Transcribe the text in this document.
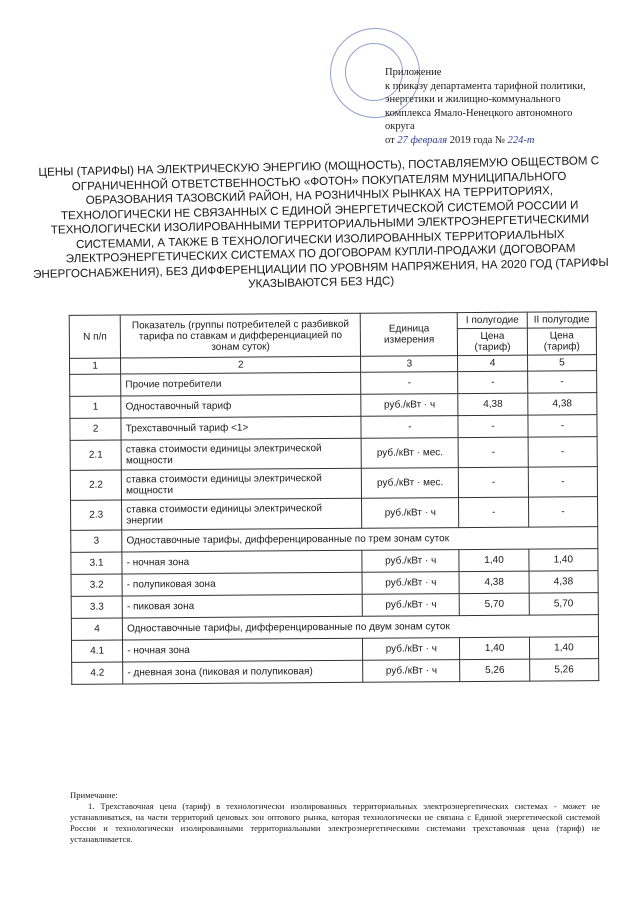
Приложение
к приказу департамента тарифной политики,
энергетики и жилищно-коммунального
комплекса Ямало-Ненецкого автономного
округа
от 27 февраля 2019 года № 224-т
ЦЕНЫ (ТАРИФЫ) НА ЭЛЕКТРИЧЕСКУЮ ЭНЕРГИЮ (МОЩНОСТЬ), ПОСТАВЛЯЕМУЮ ОБЩЕСТВОМ С ОГРАНИЧЕННОЙ ОТВЕТСТВЕННОСТЬЮ «ФОТОН» ПОКУПАТЕЛЯМ МУНИЦИПАЛЬНОГО ОБРАЗОВАНИЯ ТАЗОВСКИЙ РАЙОН, НА РОЗНИЧНЫХ РЫНКАХ НА ТЕРРИТОРИЯХ, ТЕХНОЛОГИЧЕСКИ НЕ СВЯЗАННЫХ С ЕДИНОЙ ЭНЕРГЕТИЧЕСКОЙ СИСТЕМОЙ РОССИИ И ТЕХНОЛОГИЧЕСКИ ИЗОЛИРОВАННЫМИ ТЕРРИТОРИАЛЬНЫМИ ЭЛЕКТРОЭНЕРГЕТИЧЕСКИМИ СИСТЕМАМИ, А ТАКЖЕ В ТЕХНОЛОГИЧЕСКИ ИЗОЛИРОВАННЫХ ТЕРРИТОРИАЛЬНЫХ ЭЛЕКТРОЭНЕРГЕТИЧЕСКИХ СИСТЕМАХ ПО ДОГОВОРАМ КУПЛИ-ПРОДАЖИ (ДОГОВОРАМ ЭНЕРГОСНАБЖЕНИЯ), БЕЗ ДИФФЕРЕНЦИАЦИИ ПО УРОВНЯМ НАПРЯЖЕНИЯ, НА 2020 ГОД (ТАРИФЫ УКАЗЫВАЮТСЯ БЕЗ НДС)
N п/п	Показатель (группы потребителей с разбивкой тарифа по ставкам и дифференциацией по зонам суток)	Единица измерения	I полугодие	II полугодие
			Цена (тариф)	Цена (тариф)
1	2	3	4	5
	Прочие потребители	-	-	-
1	Одноставочный тариф	руб./кВт · ч	4,38	4,38
2	Трехставочный тариф <1>	-	-	-
2.1	ставка стоимости единицы электрической мощности	руб./кВт · мес.	-	-
2.2	ставка стоимости единицы электрической мощности	руб./кВт · мес.	-	-
2.3	ставка стоимости единицы электрической энергии	руб./кВт · ч	-	-
3	Одноставочные тарифы, дифференцированные по трем зонам суток			
3.1	- ночная зона	руб./кВт · ч	1,40	1,40
3.2	- полупиковая зона	руб./кВт · ч	4,38	4,38
3.3	- пиковая зона	руб./кВт · ч	5,70	5,70
4	Одноставочные тарифы, дифференцированные по двум зонам суток			
4.1	- ночная зона	руб./кВт · ч	1,40	1,40
4.2	- дневная зона (пиковая и полупиковая)	руб./кВт · ч	5,26	5,26

Примечание:

1. Трехставочная цена (тариф) в технологически изолированных территориальных электроэнергетических системах - может не устанавливаться, на части территорий ценовых зон оптового рынка, которая технологически не связана с Единой энергетической системой России и технологически изолированными территориальными электроэнергетическими системами трехставочная цена (тариф) не устанавливается.
